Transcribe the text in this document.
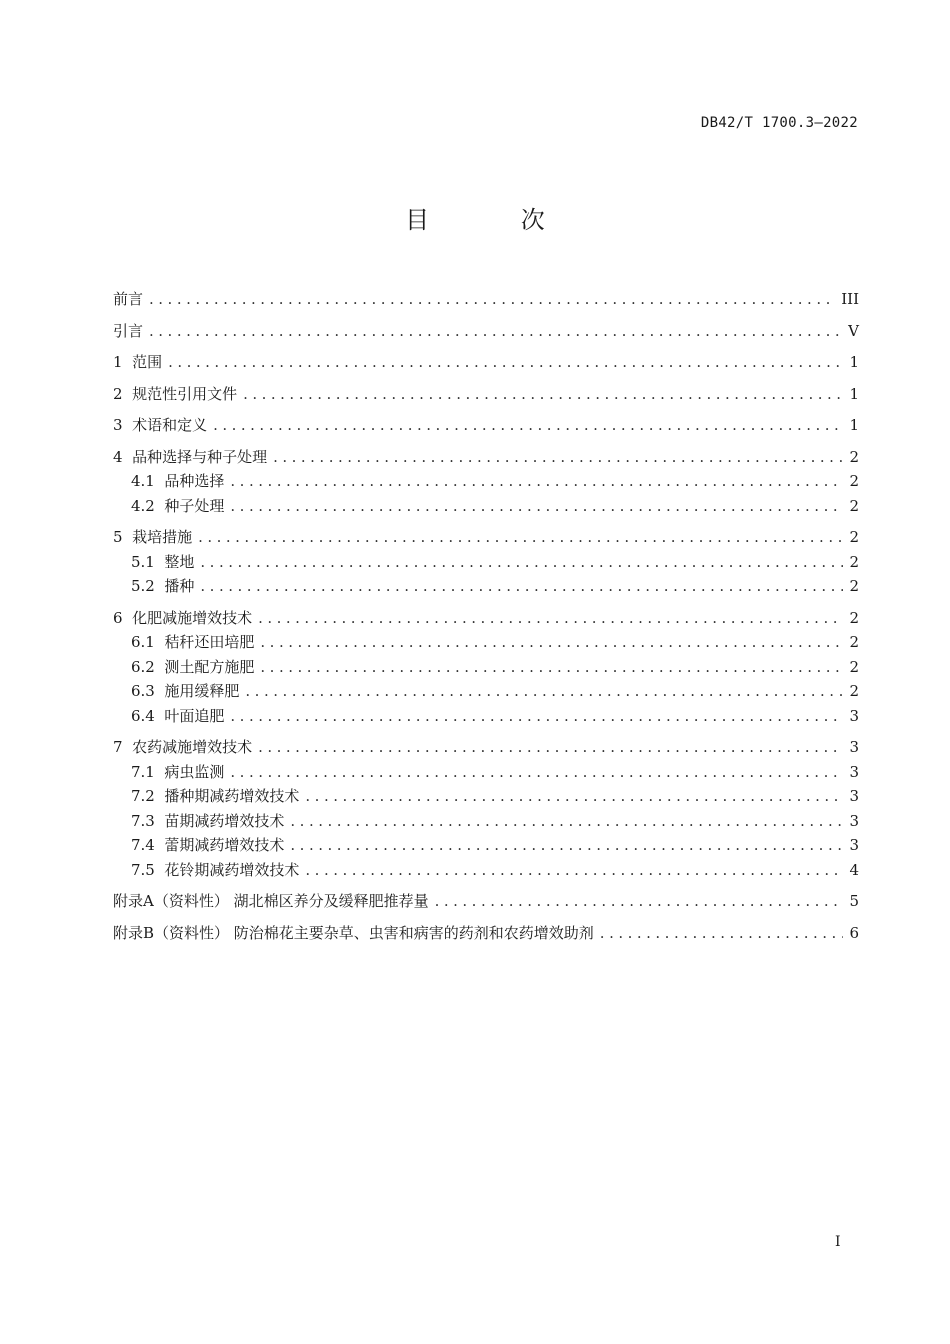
DB42/T 1700.3—2022
目 次
前言 .....	III
引言 .....	V
1  范围 .....	1
2  规范性引用文件 .....	1
3  术语和定义 .....	1
4  品种选择与种子处理 .....	2
4.1  品种选择 .....	2
4.2  种子处理 .....	2
5  栽培措施 .....	2
5.1  整地 .....	2
5.2  播种 .....	2
6  化肥减施增效技术 .....	2
6.1  秸秆还田培肥 .....	2
6.2  测土配方施肥 .....	2
6.3  施用缓释肥 .....	2
6.4  叶面追肥 .....	3
7  农药减施增效技术 .....	3
7.1  病虫监测 .....	3
7.2  播种期减药增效技术 .....	3
7.3  苗期减药增效技术 .....	3
7.4  蕾期减药增效技术 .....	3
7.5  花铃期减药增效技术 .....	4
附录A（资料性） 湖北棉区养分及缓释肥推荐量 .....	5
附录B（资料性） 防治棉花主要杂草、虫害和病害的药剂和农药增效助剂 .....	6
I
